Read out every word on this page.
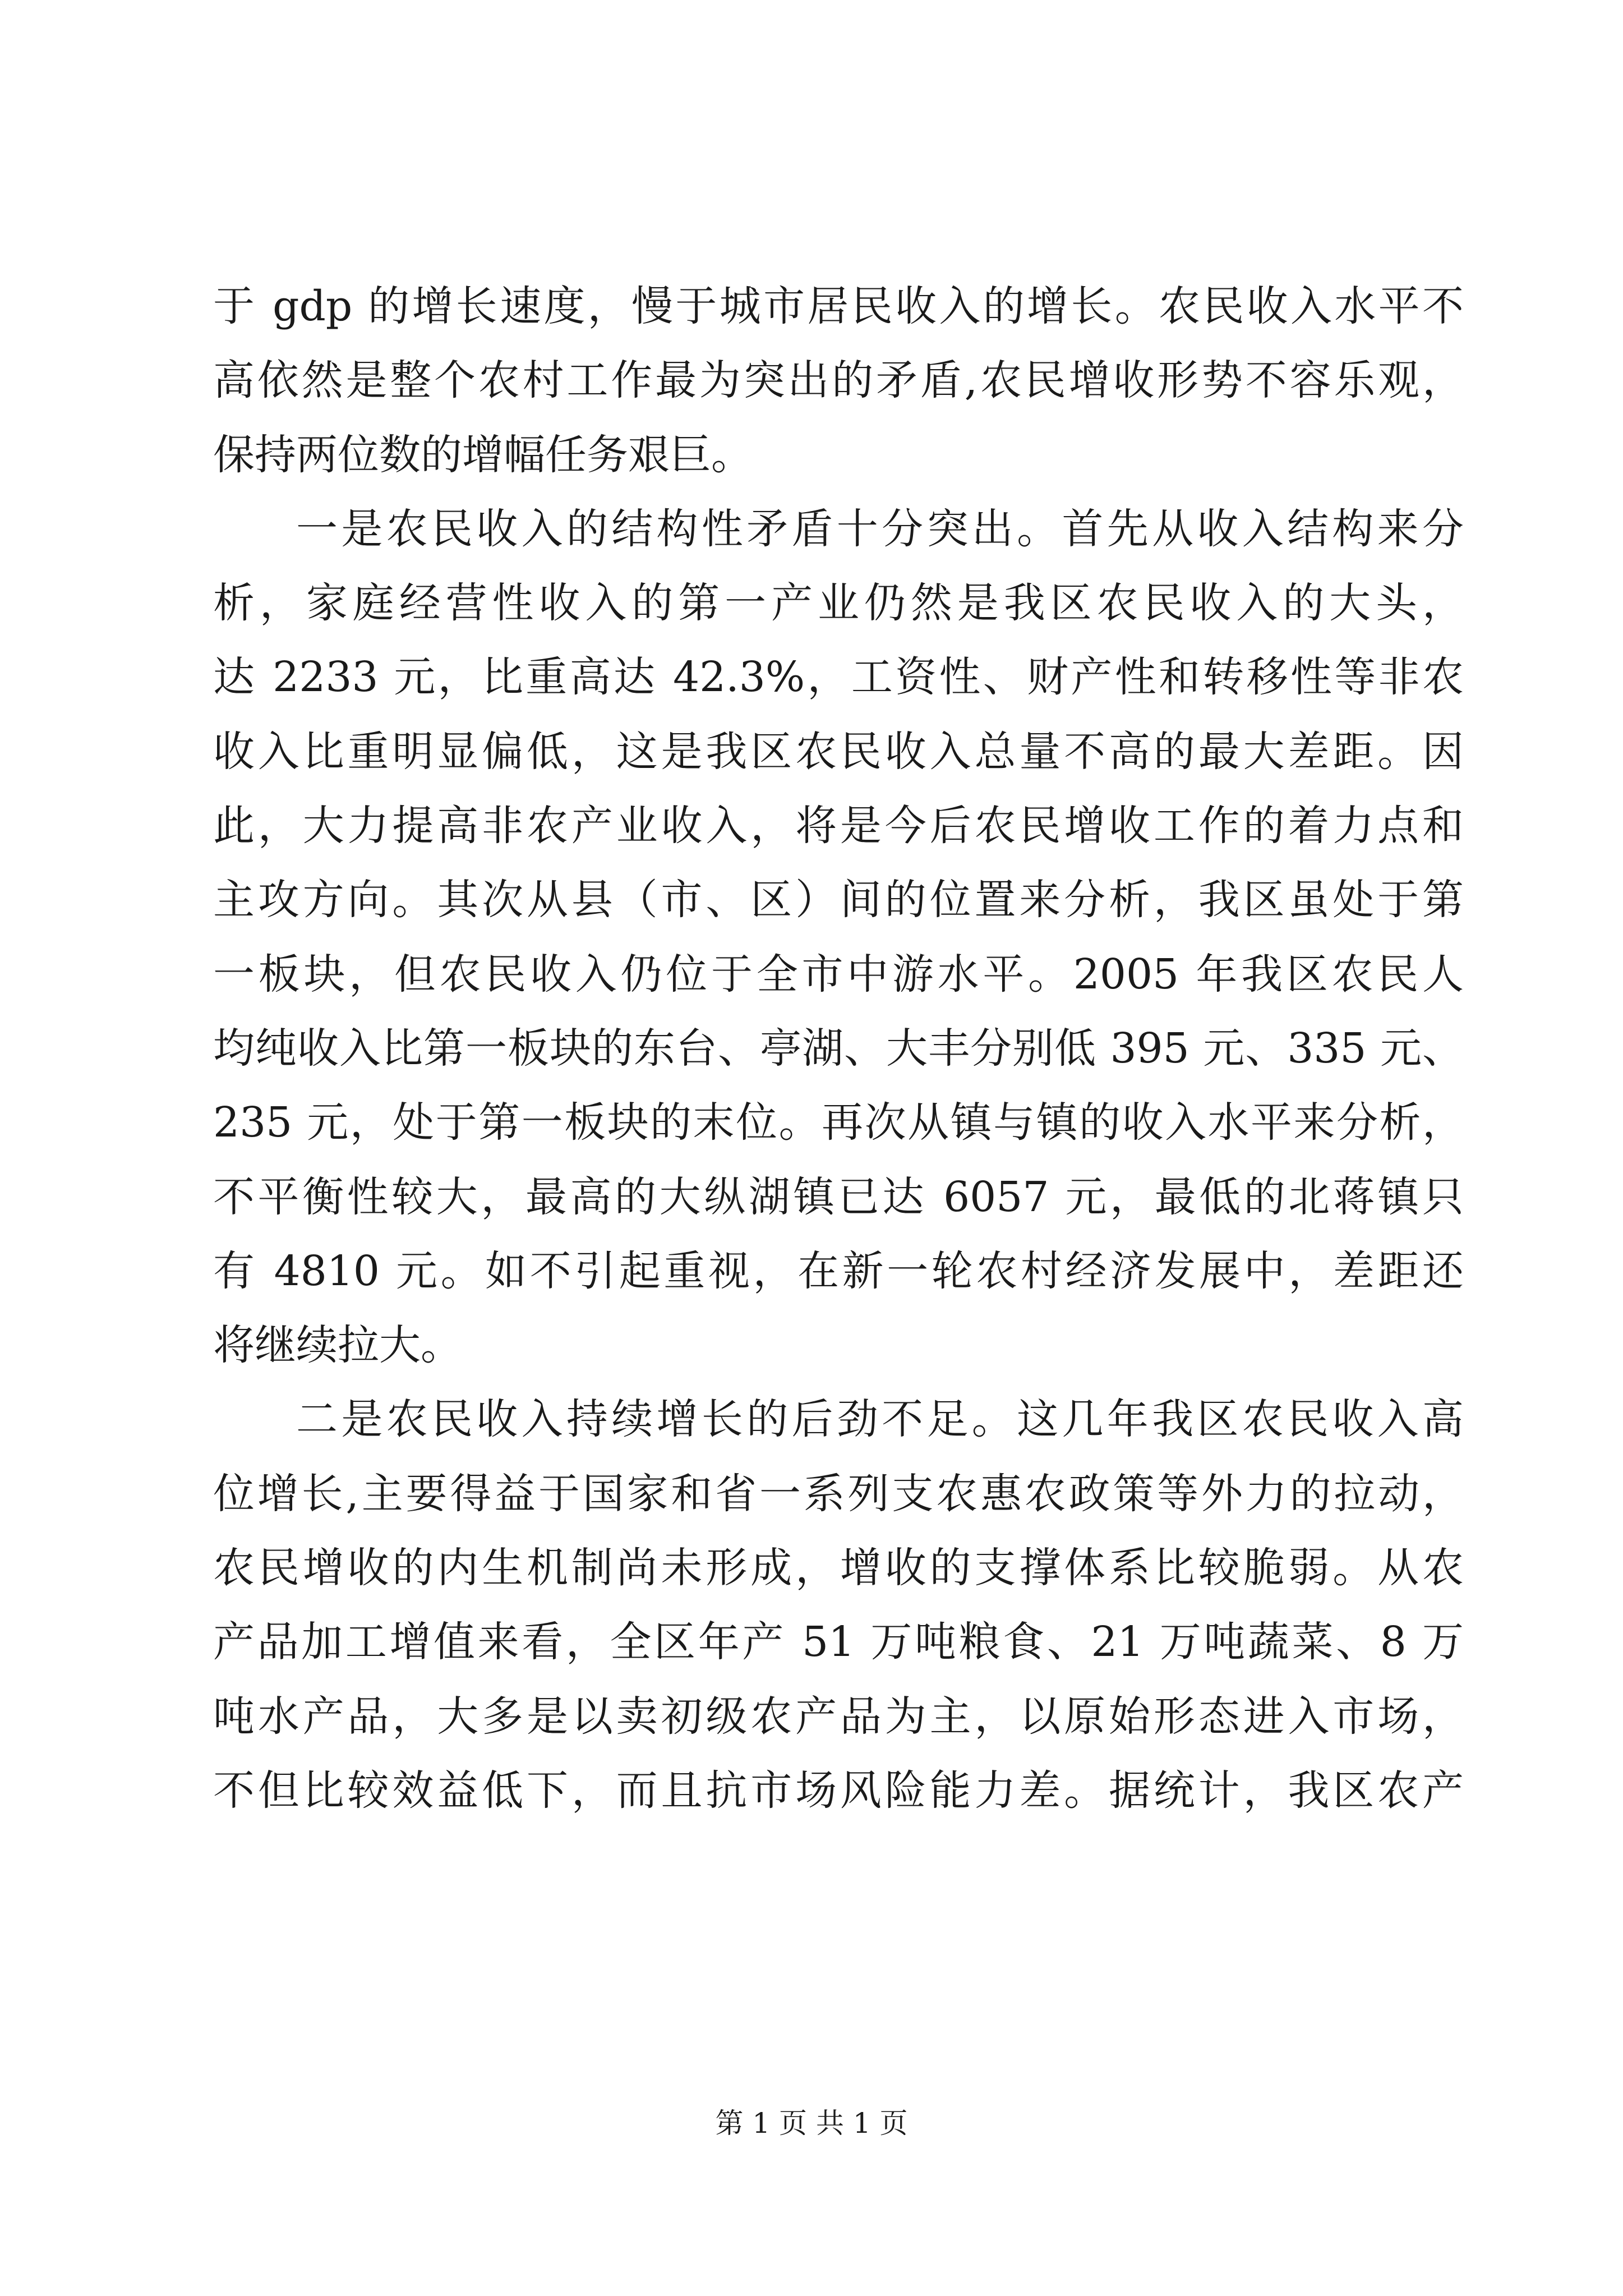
于 gdp 的增长速度，慢于城市居民收入的增长。农民收入水平不
高依然是整个农村工作最为突出的矛盾,农民增收形势不容乐观，
保持两位数的增幅任务艰巨。
一是农民收入的结构性矛盾十分突出。首先从收入结构来分
析，家庭经营性收入的第一产业仍然是我区农民收入的大头，
达 2233 元，比重高达 42.3%，工资性、财产性和转移性等非农
收入比重明显偏低，这是我区农民收入总量不高的最大差距。因
此，大力提高非农产业收入，将是今后农民增收工作的着力点和
主攻方向。其次从县（市、区）间的位置来分析，我区虽处于第
一板块，但农民收入仍位于全市中游水平。2005 年我区农民人
均纯收入比第一板块的东台、亭湖、大丰分别低 395 元、335 元、
235 元，处于第一板块的末位。再次从镇与镇的收入水平来分析，
不平衡性较大，最高的大纵湖镇已达 6057 元，最低的北蒋镇只
有 4810 元。如不引起重视，在新一轮农村经济发展中，差距还
将继续拉大。
二是农民收入持续增长的后劲不足。这几年我区农民收入高
位增长,主要得益于国家和省一系列支农惠农政策等外力的拉动，
农民增收的内生机制尚未形成，增收的支撑体系比较脆弱。从农
产品加工增值来看，全区年产 51 万吨粮食、21 万吨蔬菜、8 万
吨水产品，大多是以卖初级农产品为主，以原始形态进入市场，
不但比较效益低下，而且抗市场风险能力差。据统计，我区农产
第 1 页 共 1 页
